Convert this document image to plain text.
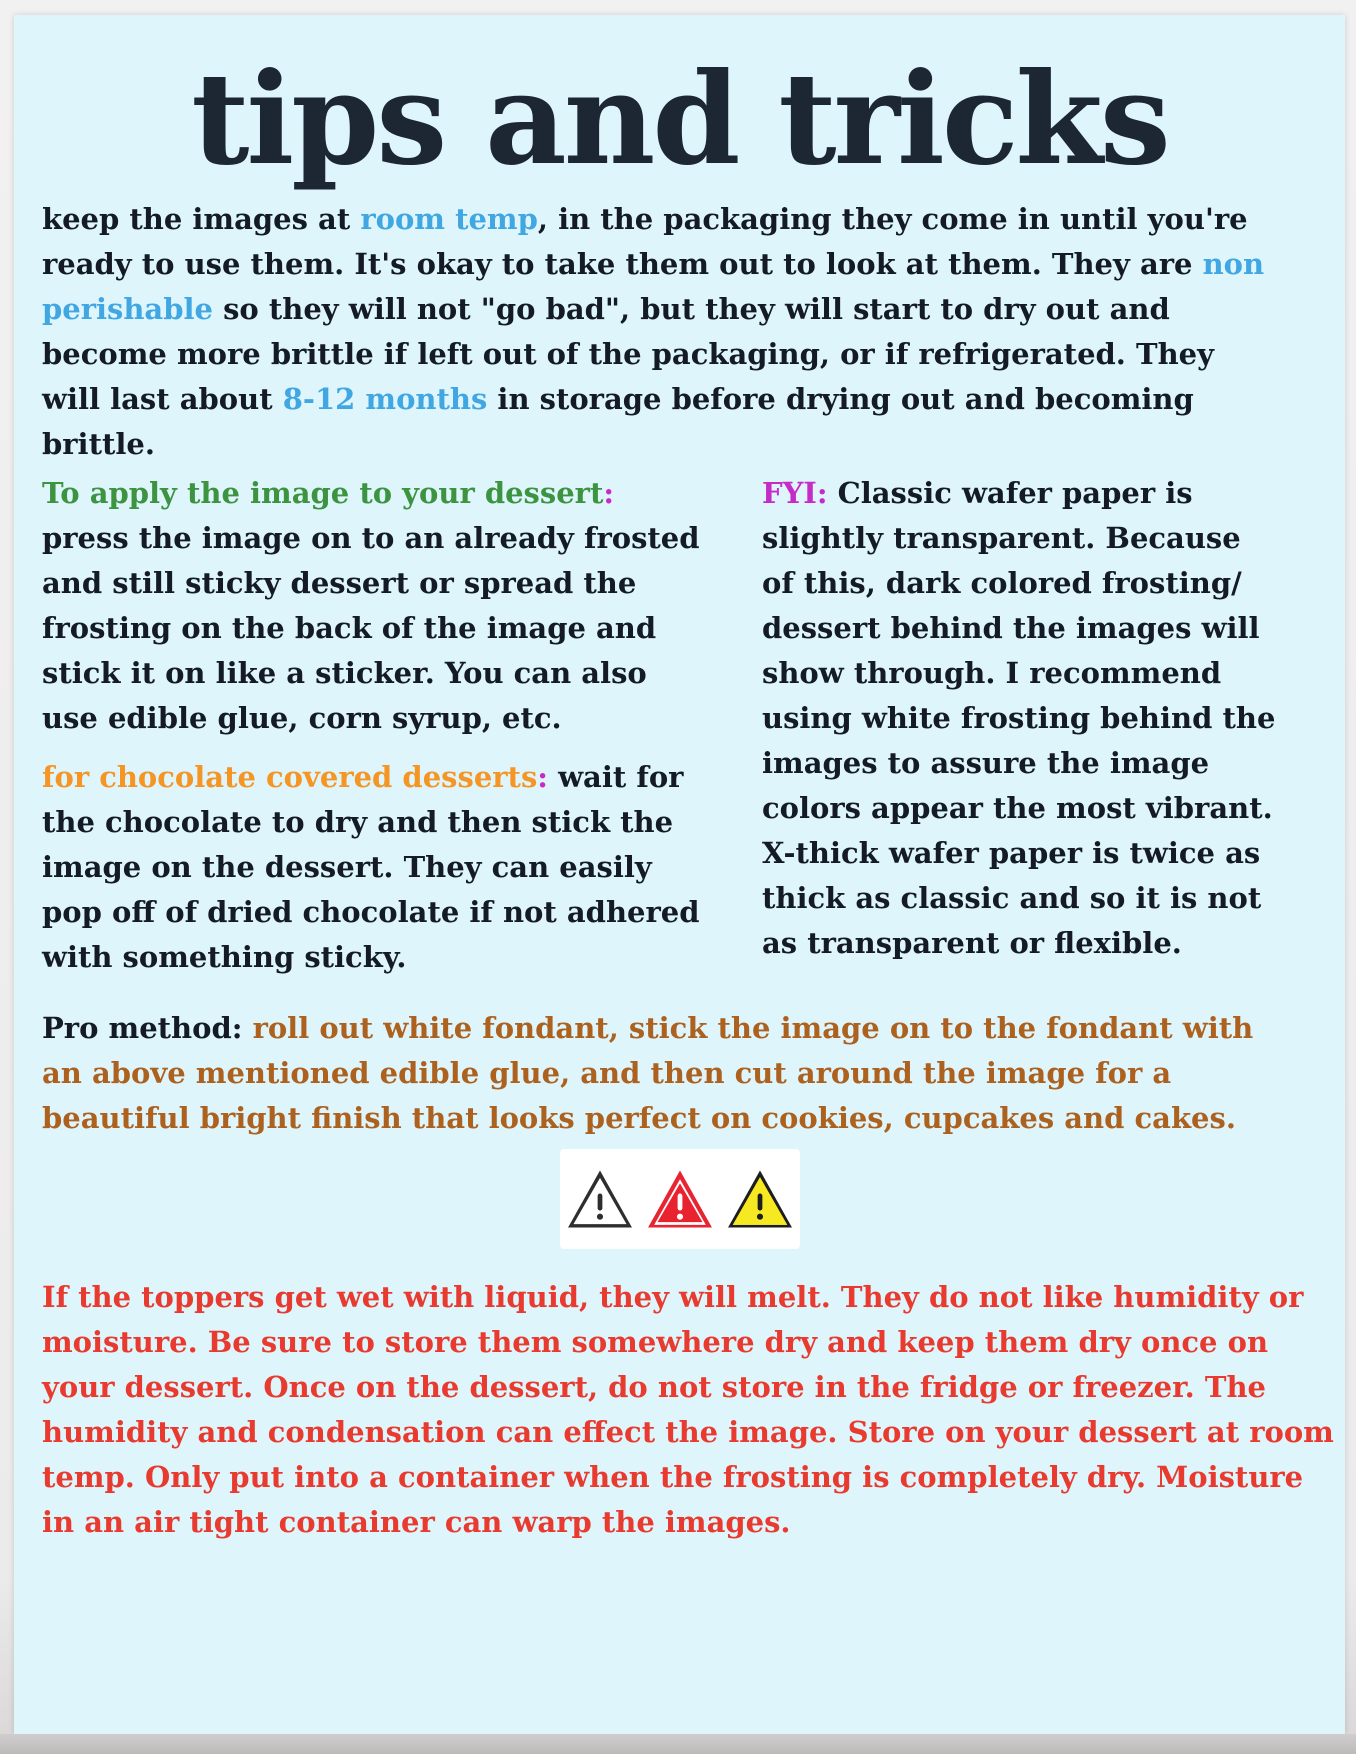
tips and tricks

keep the images at room temp, in the packaging they come in until you're ready to use them. It's okay to take them out to look at them. They are non perishable so they will not "go bad", but they will start to dry out and become more brittle if left out of the packaging, or if refrigerated. They will last about 8-12 months in storage before drying out and becoming brittle.

To apply the image to your dessert:
press the image on to an already frosted and still sticky dessert or spread the frosting on the back of the image and stick it on like a sticker. You can also use edible glue, corn syrup, etc.

for chocolate covered desserts: wait for the chocolate to dry and then stick the image on the dessert. They can easily pop off of dried chocolate if not adhered with something sticky.

FYI: Classic wafer paper is slightly transparent. Because of this, dark colored frosting/ dessert behind the images will show through. I recommend using white frosting behind the images to assure the image colors appear the most vibrant. X-thick wafer paper is twice as thick as classic and so it is not as transparent or flexible.

Pro method: roll out white fondant, stick the image on to the fondant with an above mentioned edible glue, and then cut around the image for a beautiful bright finish that looks perfect on cookies, cupcakes and cakes.

If the toppers get wet with liquid, they will melt. They do not like humidity or moisture. Be sure to store them somewhere dry and keep them dry once on your dessert. Once on the dessert, do not store in the fridge or freezer. The humidity and condensation can effect the image. Store on your dessert at room temp. Only put into a container when the frosting is completely dry. Moisture in an air tight container can warp the images.
